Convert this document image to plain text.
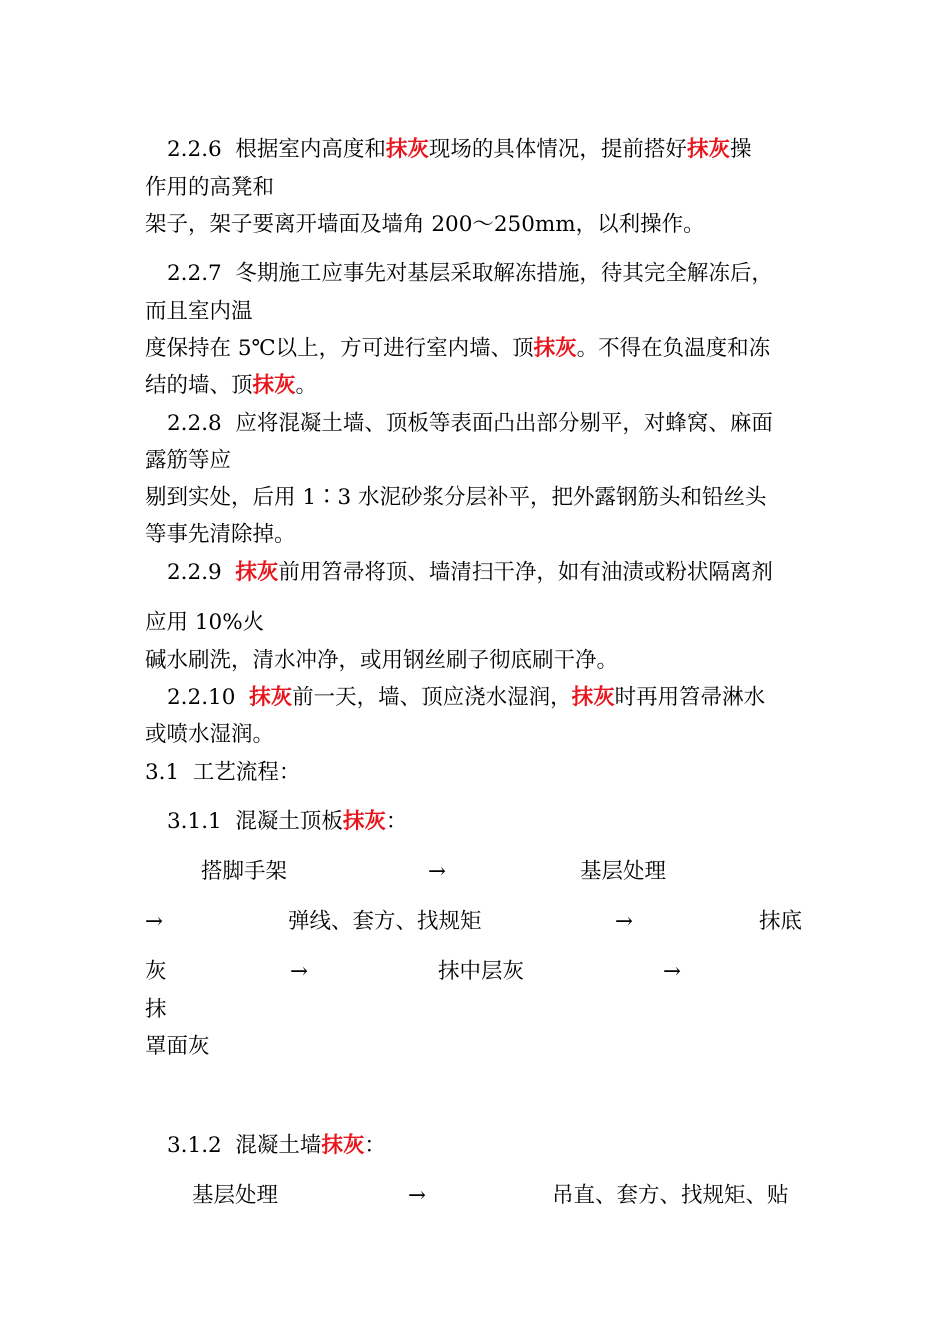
2.2.6 根据室内高度和抹灰现场的具体情况，提前搭好抹灰操
作用的高凳和
架子，架子要离开墙面及墙角 200～250mm，以利操作。
2.2.7 冬期施工应事先对基层采取解冻措施，待其完全解冻后，
而且室内温
度保持在 5℃以上，方可进行室内墙、顶抹灰。不得在负温度和冻
结的墙、顶抹灰。
2.2.8 应将混凝土墙、顶板等表面凸出部分剔平，对蜂窝、麻面
露筋等应
剔到实处，后用 1∶3 水泥砂浆分层补平，把外露钢筋头和铅丝头
等事先清除掉。
2.2.9 抹灰前用笤帚将顶、墙清扫干净，如有油渍或粉状隔离剂
应用 10%火
碱水刷洗，清水冲净，或用钢丝刷子彻底刷干净。
2.2.10 抹灰前一天，墙、顶应浇水湿润，抹灰时再用笤帚淋水
或喷水湿润。
3.1 工艺流程：
3.1.1 混凝土顶板抹灰：
搭脚手架	→	基层处理
→	弹线、套方、找规矩	→	抹底
灰	→	抹中层灰	→
抹
罩面灰
3.1.2 混凝土墙抹灰：
基层处理	→	吊直、套方、找规矩、贴
